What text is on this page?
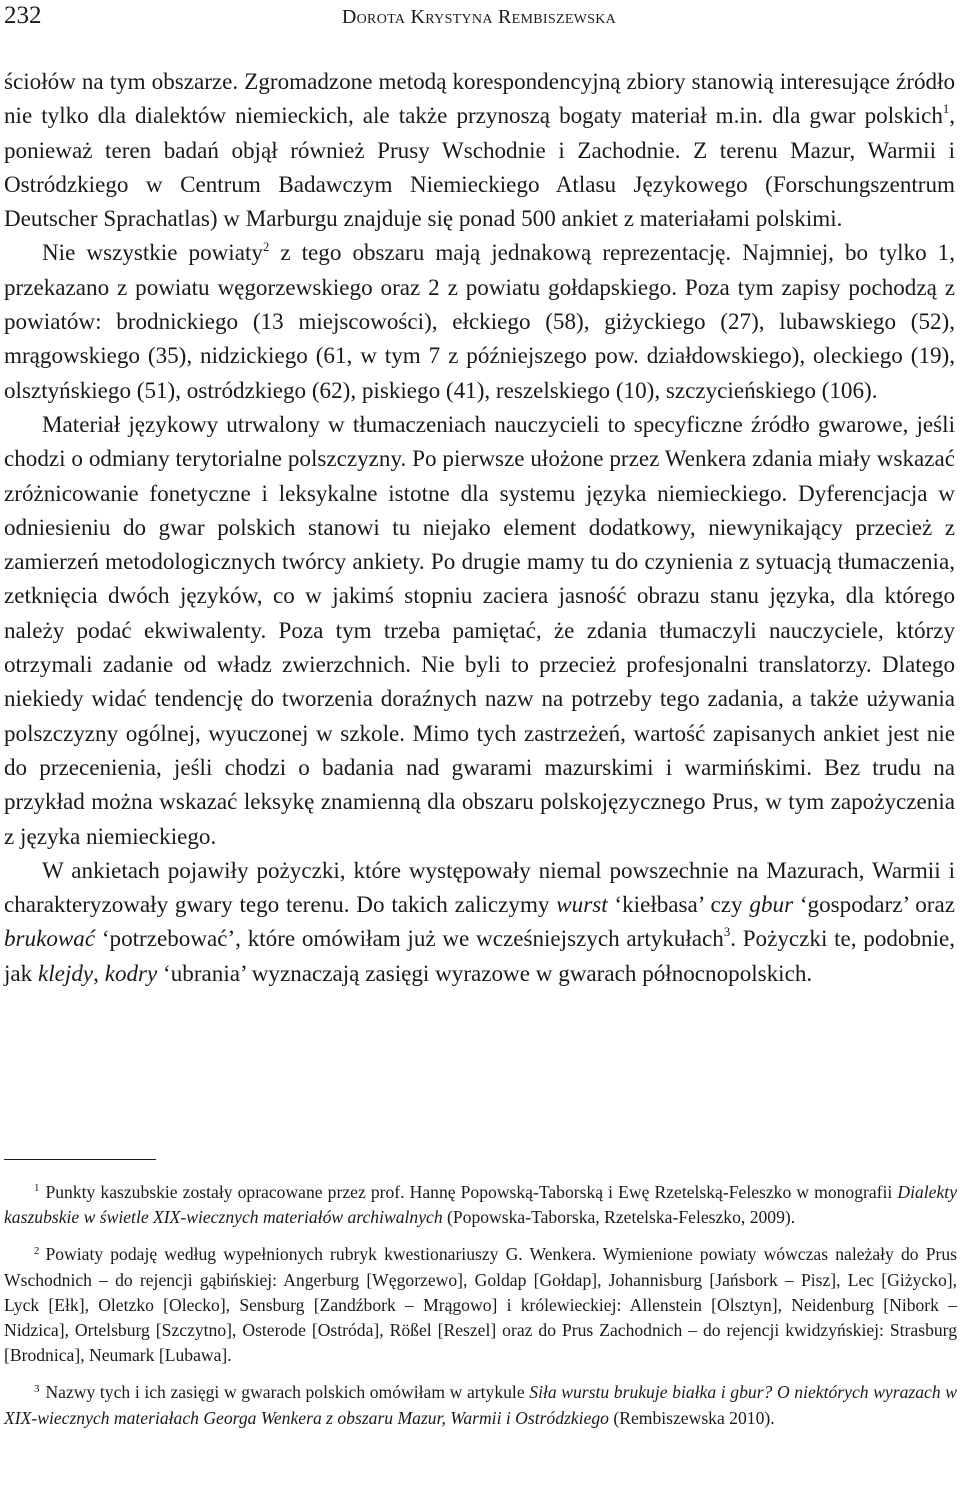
232	Dorota Krystyna Rembiszewska

ściołów na tym obszarze. Zgromadzone metodą korespondencyjną zbiory stanowią interesujące źródło nie tylko dla dialektów niemieckich, ale także przynoszą bogaty materiał m.in. dla gwar polskich$^1$, ponieważ teren badań objął również Prusy Wschodnie i Zachodnie. Z terenu Mazur, Warmii i Ostródzkiego w Centrum Badawczym Niemieckiego Atlasu Językowego (Forschungszentrum Deutscher Sprachatlas) w Marburgu znajduje się ponad 500 ankiet z materiałami polskimi.

Nie wszystkie powiaty$^2$ z tego obszaru mają jednakową reprezentację. Najmniej, bo tylko 1, przekazano z powiatu węgorzewskiego oraz 2 z powiatu gołdapskiego. Poza tym zapisy pochodzą z powiatów: brodnickiego (13 miejscowości), ełckiego (58), giżyckiego (27), lubawskiego (52), mrągowskiego (35), nidzickiego (61, w tym 7 z późniejszego pow. działdowskiego), oleckiego (19), olsztyńskiego (51), ostródzkiego (62), piskiego (41), reszelskiego (10), szczycieńskiego (106).

Materiał językowy utrwalony w tłumaczeniach nauczycieli to specyficzne źródło gwarowe, jeśli chodzi o odmiany terytorialne polszczyzny. Po pierwsze ułożone przez Wenkera zdania miały wskazać zróżnicowanie fonetyczne i leksykalne istotne dla systemu języka niemieckiego. Dyferencjacja w odniesieniu do gwar polskich stanowi tu niejako element dodatkowy, niewynikający przecież z zamierzeń metodologicznych twórcy ankiety. Po drugie mamy tu do czynienia z sytuacją tłumaczenia, zetknięcia dwóch języków, co w jakimś stopniu zaciera jasność obrazu stanu języka, dla którego należy podać ekwiwalenty. Poza tym trzeba pamiętać, że zdania tłumaczyli nauczyciele, którzy otrzymali zadanie od władz zwierzchnich. Nie byli to przecież profesjonalni translatorzy. Dlatego niekiedy widać tendencję do tworzenia doraźnych nazw na potrzeby tego zadania, a także używania polszczyzny ogólnej, wyuczonej w szkole. Mimo tych zastrzeżeń, wartość zapisanych ankiet jest nie do przecenienia, jeśli chodzi o badania nad gwarami mazurskimi i warmińskimi. Bez trudu na przykład można wskazać leksykę znamienną dla obszaru polskojęzycznego Prus, w tym zapożyczenia z języka niemieckiego.

W ankietach pojawiły pożyczki, które występowały niemal powszechnie na Mazurach, Warmii i charakteryzowały gwary tego terenu. Do takich zaliczymy wurst ‘kiełbasa’ czy gbur ‘gospodarz’ oraz brukować ‘potrzebować’, które omówiłam już we wcześniejszych artykułach$^3$. Pożyczki te, podobnie, jak klejdy, kodry ‘ubrania’ wyznaczają zasięgi wyrazowe w gwarach północnopolskich.

$^1$ Punkty kaszubskie zostały opracowane przez prof. Hannę Popowską-Taborską i Ewę Rzetelską-Feleszko w monografii Dialekty kaszubskie w świetle XIX-wiecznych materiałów archiwalnych (Popowska-Taborska, Rzetelska-Feleszko, 2009).

$^2$ Powiaty podaję według wypełnionych rubryk kwestionariuszy G. Wenkera. Wymienione powiaty wówczas należały do Prus Wschodnich – do rejencji gąbińskiej: Angerburg [Węgorzewo], Goldap [Gołdap], Johannisburg [Jańsbork – Pisz], Lec [Giżycko], Lyck [Ełk], Oletzko [Olecko], Sensburg [Zandźbork – Mrągowo] i królewieckiej: Allenstein [Olsztyn], Neidenburg [Nibork – Nidzica], Ortelsburg [Szczytno], Osterode [Ostróda], Rößel [Reszel] oraz do Prus Zachodnich – do rejencji kwidzyńskiej: Strasburg [Brodnica], Neumark [Lubawa].

$^3$ Nazwy tych i ich zasięgi w gwarach polskich omówiłam w artykule Siła wurstu brukuje białka i gbur? O niektórych wyrazach w XIX-wiecznych materiałach Georga Wenkera z obszaru Mazur, Warmii i Ostródzkiego (Rembiszewska 2010).
